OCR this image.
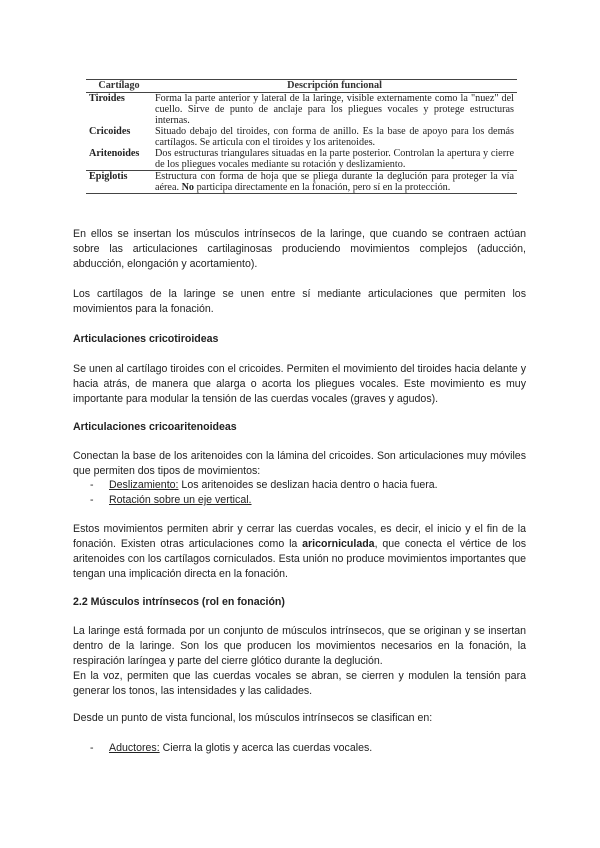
Cartílago	Descripción funcional
Tiroides	Forma la parte anterior y lateral de la laringe, visible externamente como la "nuez" del cuello. Sirve de punto de anclaje para los pliegues vocales y protege estructuras internas.
Cricoides	Situado debajo del tiroides, con forma de anillo. Es la base de apoyo para los demás cartílagos. Se articula con el tiroides y los aritenoides.
Aritenoides	Dos estructuras triangulares situadas en la parte posterior. Controlan la apertura y cierre de los pliegues vocales mediante su rotación y deslizamiento.
Epiglotis	Estructura con forma de hoja que se pliega durante la deglución para proteger la vía aérea. No participa directamente en la fonación, pero sí en la protección.

En ellos se insertan los músculos intrínsecos de la laringe, que cuando se contraen actúan sobre las articulaciones cartilaginosas produciendo movimientos complejos (aducción, abducción, elongación y acortamiento).

Los cartílagos de la laringe se unen entre sí mediante articulaciones que permiten los movimientos para la fonación.

Articulaciones cricotiroideas

Se unen al cartílago tiroides con el cricoides. Permiten el movimiento del tiroides hacia delante y hacia atrás, de manera que alarga o acorta los pliegues vocales. Este movimiento es muy importante para modular la tensión de las cuerdas vocales (graves y agudos).

Articulaciones cricoaritenoideas

Conectan la base de los aritenoides con la lámina del cricoides. Son articulaciones muy móviles que permiten dos tipos de movimientos:

- Deslizamiento: Los aritenoides se deslizan hacia dentro o hacia fuera.
- Rotación sobre un eje vertical.

Estos movimientos permiten abrir y cerrar las cuerdas vocales, es decir, el inicio y el fin de la fonación. Existen otras articulaciones como la aricorniculada, que conecta el vértice de los aritenoides con los cartílagos corniculados. Esta unión no produce movimientos importantes que tengan una implicación directa en la fonación.

2.2 Músculos intrínsecos (rol en fonación)

La laringe está formada por un conjunto de músculos intrínsecos, que se originan y se insertan dentro de la laringe. Son los que producen los movimientos necesarios en la fonación, la respiración laríngea y parte del cierre glótico durante la deglución.

En la voz, permiten que las cuerdas vocales se abran, se cierren y modulen la tensión para generar los tonos, las intensidades y las calidades.

Desde un punto de vista funcional, los músculos intrínsecos se clasifican en:

- Aductores: Cierra la glotis y acerca las cuerdas vocales.
